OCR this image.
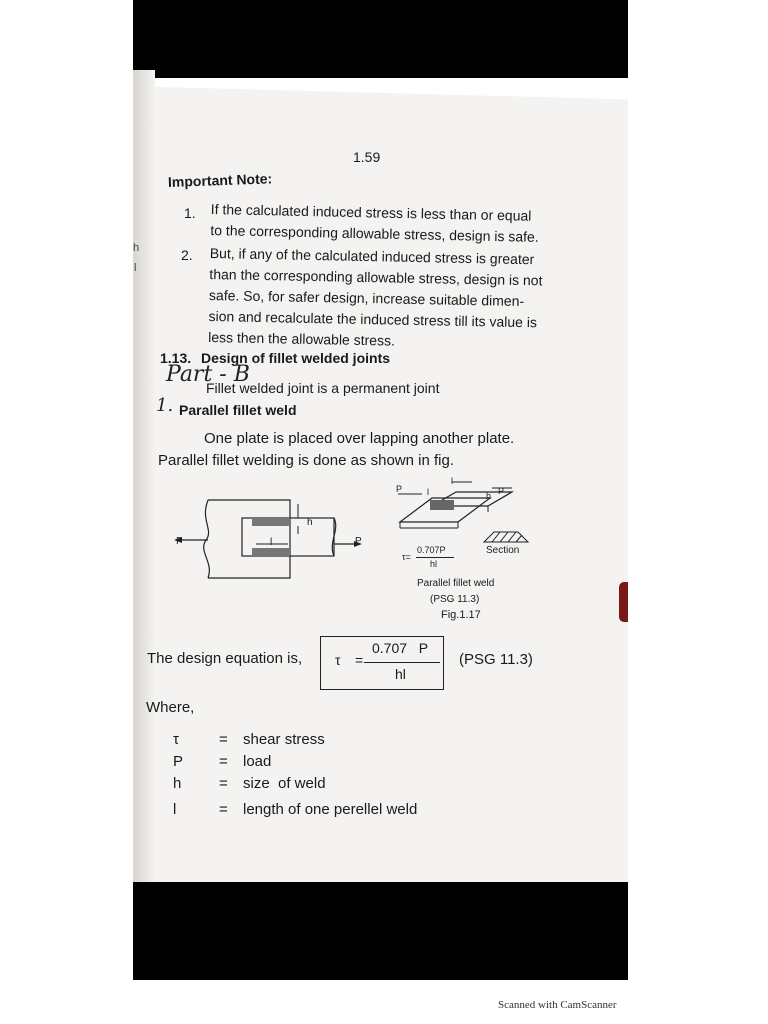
h
l
1.59
Important Note:
1. If the calculated induced stress is less than or equal
to the corresponding allowable stress, design is safe.
2. But, if any of the calculated induced stress is greater
than the corresponding allowable stress, design is not
safe. So, for safer design, increase suitable dimen-
sion and recalculate the induced stress till its value is
less then the allowable stress.
1.13. Design of fillet welded joints
Part - B
Fillet welded joint is a permanent joint
1. Parallel fillet weld
One plate is placed over lapping another plate.
Parallel fillet welding is done as shown in fig.
P	P
h
l
P	P
l	h
l
Section
τ=
0.707P
hl
Parallel fillet weld
(PSG 11.3)
Fig.1.17
The design equation is, τ =
0.707   P
hl
(PSG 11.3)
Where,
τ	= shear stress
P = load
h	= size  of weld
l	= length of one perellel weld
Scanned with CamScanner
